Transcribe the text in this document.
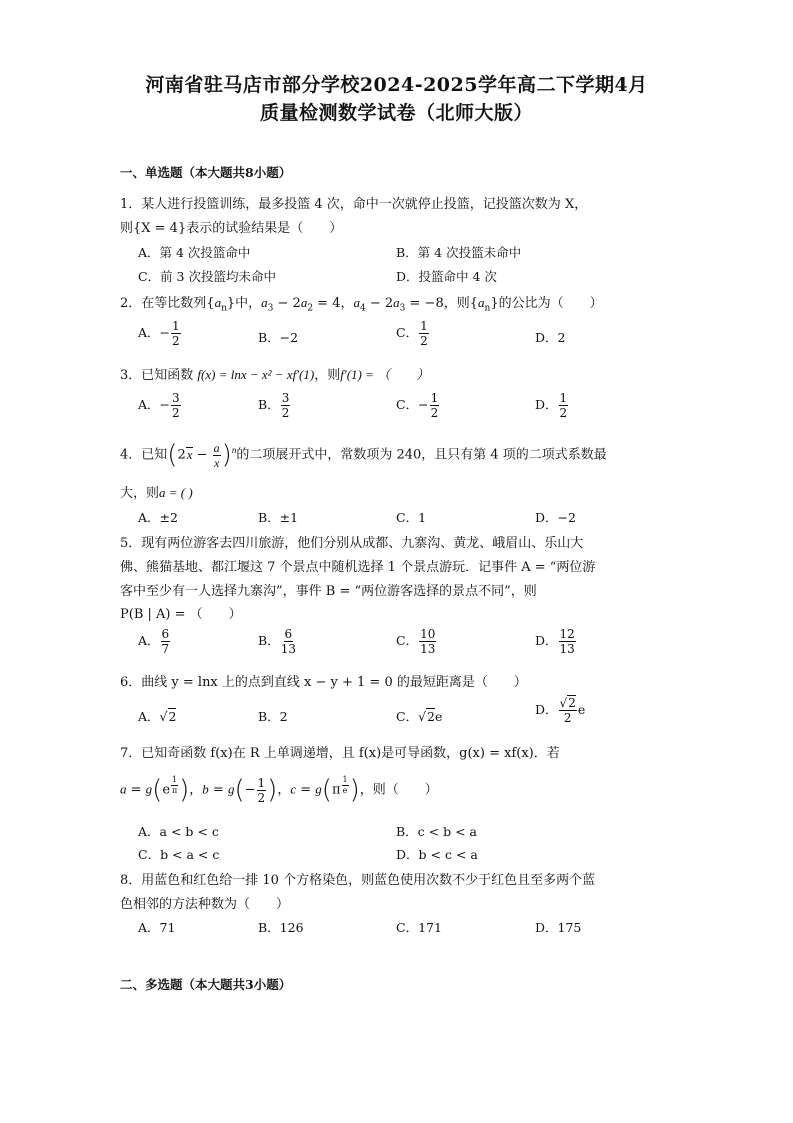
河南省驻马店市部分学校2024-2025学年高二下学期4月
质量检测数学试卷（北师大版）
一、单选题（本大题共8小题）
1．某人进行投篮训练，最多投篮 4 次，命中一次就停止投篮，记投篮次数为 X，
则{X = 4}表示的试验结果是（　　）
A．第 4 次投篮命中	B．第 4 次投篮未命中
C．前 3 次投篮均未命中	D．投篮命中 4 次
2．在等比数列$\{a_n\}$中，$a_3 - 2a_2 = 4$，$a_4 - 2a_3 = -8$，则$\{a_n\}$的公比为（　　）
A．− $\frac{1}{2}$	B．−2	C． $\frac{1}{2}$	D．2
3．已知函数 f(x) = lnx − x² − xf′(1)，则f′(1) = （　　）
A．− $\frac{3}{2}$	B． $\frac{3}{2}$	C．− $\frac{1}{2}$	D． $\frac{1}{2}$
4．已知$(2x - \frac{a}{x} )^n$的二项展开式中，常数项为 240，且只有第 4 项的二项式系数最
大，则a = ( )
A．±2	B．±1	C．1	D．−2
5．现有两位游客去四川旅游，他们分别从成都、九寨沟、黄龙、峨眉山、乐山大
佛、熊猫基地、都江堰这 7 个景点中随机选择 1 个景点游玩．记事件 A = “两位游
客中至少有一人选择九寨沟”，事件 B = “两位游客选择的景点不同”，则
P(B | A) = （　　）
A． $\frac{6}{7}$	B． $\frac{6}{13}$	C． $\frac{10}{13}$	D． $\frac{12}{13}$
6．曲线 y = lnx 上的点到直线 x − y + 1 = 0 的最短距离是（　　）
A．√2	B．2	C．√2e	D． $\frac{√2}{2}$ e
7．已知奇函数 f(x)在 R 上单调递增，且 f(x)是可导函数，g(x) = xf(x)．若
a = g(e $^{\frac{1}{\pi}}$ )，$b = g(- \frac{1}{2}$ )，c = g(π $^{\frac{1}{e}}$ )，则（　　）
A．a < b < c	B．c < b < a
C．b < a < c	D．b < c < a
8．用蓝色和红色给一排 10 个方格染色，则蓝色使用次数不少于红色且至多两个蓝
色相邻的方法种数为（　　）
A．71	B．126	C．171	D．175
二、多选题（本大题共3小题）
